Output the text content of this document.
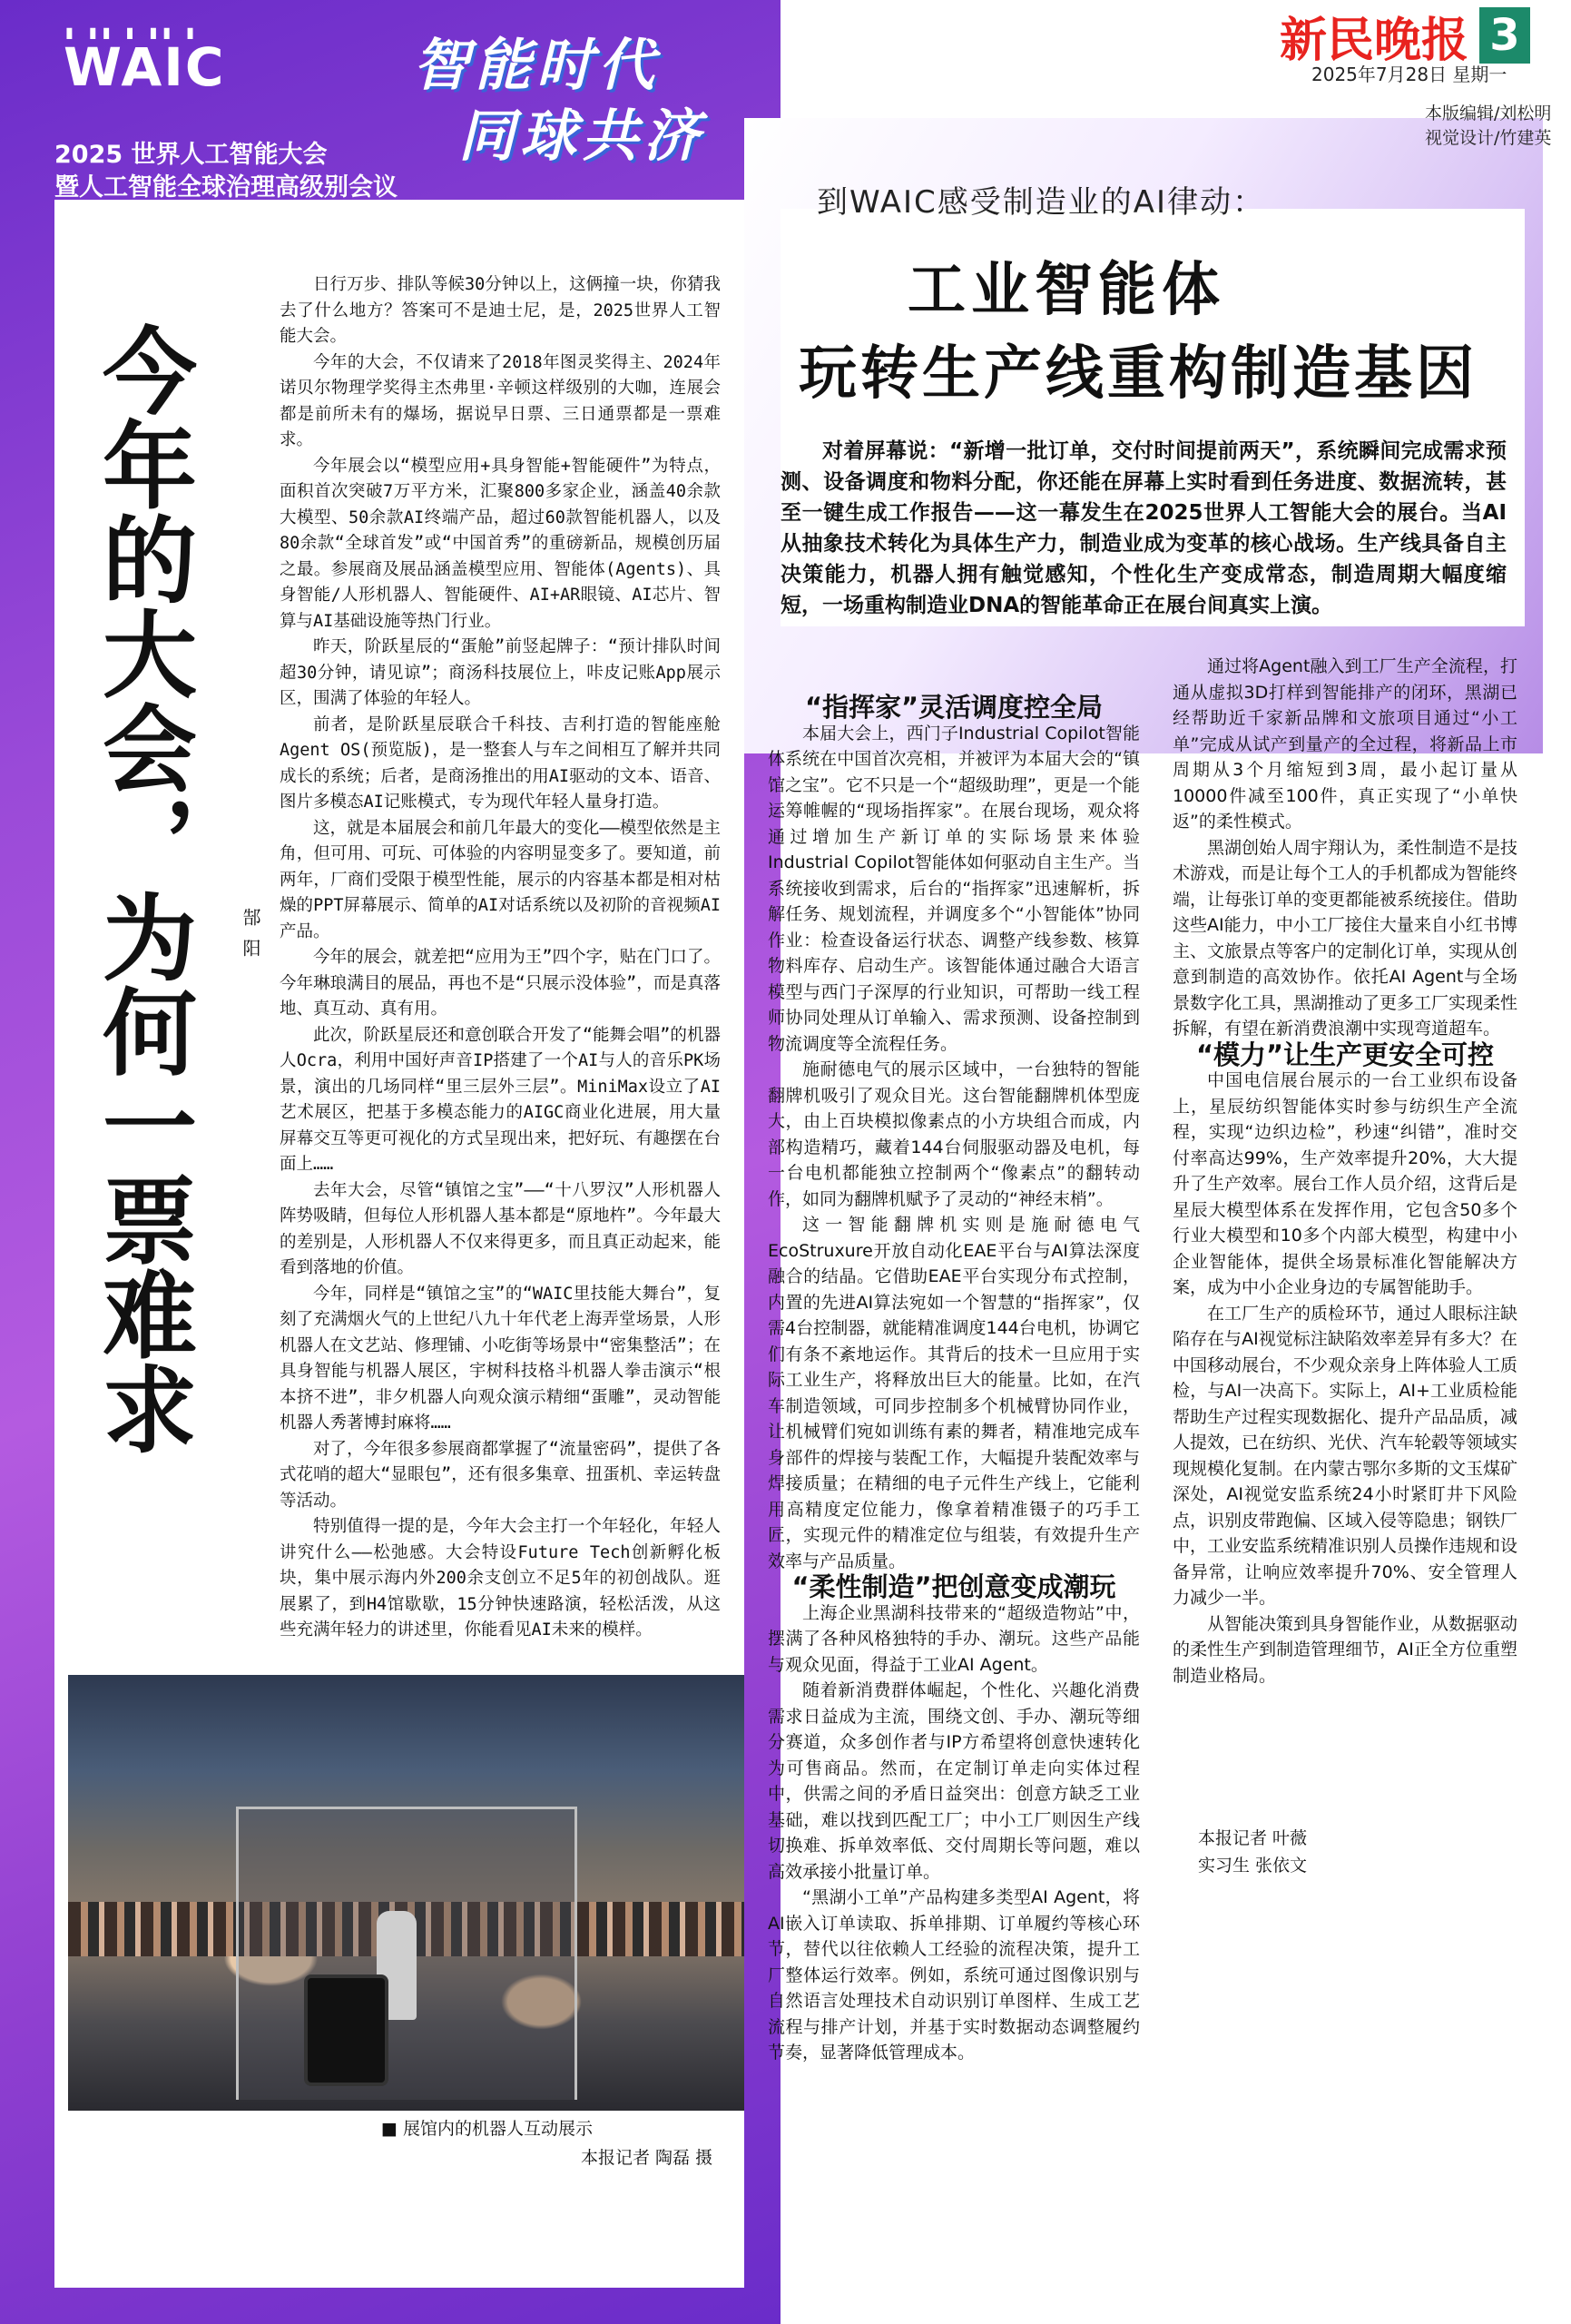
▮ ▮▮ ▮ ▮▮ ▮
WAIC
2025 世界人工智能大会
暨人工智能全球治理高级别会议
智能时代
同球共济
新民晚报 3
2025年7月28日 星期一
本版编辑/刘松明
视觉设计/竹建英
到WAIC感受制造业的AI律动：
工业智能体
玩转生产线重构制造基因
对着屏幕说：“新增一批订单，交付时间提前两天”，系统瞬间完成需求预测、设备调度和物料分配，你还能在屏幕上实时看到任务进度、数据流转，甚至一键生成工作报告——这一幕发生在2025世界人工智能大会的展台。当AI从抽象技术转化为具体生产力，制造业成为变革的核心战场。生产线具备自主决策能力，机器人拥有触觉感知，个性化生产变成常态，制造周期大幅度缩短，一场重构制造业DNA的智能革命正在展台间真实上演。
今年的大会，为何一票难求 郜阳

日行万步、排队等候30分钟以上，这俩撞一块，你猜我去了什么地方？答案可不是迪士尼，是，2025世界人工智能大会。

今年的大会，不仅请来了2018年图灵奖得主、2024年诺贝尔物理学奖得主杰弗里·辛顿这样级别的大咖，连展会都是前所未有的爆场，据说早日票、三日通票都是一票难求。

今年展会以“模型应用+具身智能+智能硬件”为特点，面积首次突破7万平方米，汇聚800多家企业，涵盖40余款大模型、50余款AI终端产品，超过60款智能机器人，以及80余款“全球首发”或“中国首秀”的重磅新品，规模创历届之最。参展商及展品涵盖模型应用、智能体(Agents)、具身智能/人形机器人、智能硬件、AI+AR眼镜、AI芯片、智算与AI基础设施等热门行业。

昨天，阶跃星辰的“蛋舱”前竖起牌子：“预计排队时间超30分钟，请见谅”；商汤科技展位上，咔皮记账App展示区，围满了体验的年轻人。

前者，是阶跃星辰联合千科技、吉利打造的智能座舱Agent OS(预览版)，是一整套人与车之间相互了解并共同成长的系统；后者，是商汤推出的用AI驱动的文本、语音、图片多模态AI记账模式，专为现代年轻人量身打造。

这，就是本届展会和前几年最大的变化——模型依然是主角，但可用、可玩、可体验的内容明显变多了。要知道，前两年，厂商们受限于模型性能，展示的内容基本都是相对枯燥的PPT屏幕展示、简单的AI对话系统以及初阶的音视频AI产品。

今年的展会，就差把“应用为王”四个字，贴在门口了。今年琳琅满目的展品，再也不是“只展示没体验”，而是真落地、真互动、真有用。

此次，阶跃星辰还和意创联合开发了“能舞会唱”的机器人Ocra，利用中国好声音IP搭建了一个AI与人的音乐PK场景，演出的几场同样“里三层外三层”。MiniMax设立了AI艺术展区，把基于多模态能力的AIGC商业化进展，用大量屏幕交互等更可视化的方式呈现出来，把好玩、有趣摆在台面上……

去年大会，尽管“镇馆之宝”——“十八罗汉”人形机器人阵势吸睛，但每位人形机器人基本都是“原地杵”。今年最大的差别是，人形机器人不仅来得更多，而且真正动起来，能看到落地的价值。

今年，同样是“镇馆之宝”的“WAIC里技能大舞台”，复刻了充满烟火气的上世纪八九十年代老上海弄堂场景，人形机器人在文艺站、修理铺、小吃街等场景中“密集整活”；在具身智能与机器人展区，宇树科技格斗机器人拳击演示“根本挤不进”，非夕机器人向观众演示精细“蛋雕”，灵动智能机器人秀著博封麻将……

对了，今年很多参展商都掌握了“流量密码”，提供了各式花哨的超大“显眼包”，还有很多集章、扭蛋机、幸运转盘等活动。

特别值得一提的是，今年大会主打一个年轻化，年轻人讲究什么——松弛感。大会特设Future Tech创新孵化板块，集中展示海内外200余支创立不足5年的初创战队。逛展累了，到H4馆歇歇，15分钟快速路演，轻松活泼，从这些充满年轻力的讲述里，你能看见AI未来的模样。

■ 展馆内的机器人互动展示
本报记者 陶磊 摄

“指挥家”灵活调度控全局

本届大会上，西门子Industrial Copilot智能体系统在中国首次亮相，并被评为本届大会的“镇馆之宝”。它不只是一个“超级助理”，更是一个能运筹帷幄的“现场指挥家”。在展台现场，观众将通过增加生产新订单的实际场景来体验Industrial Copilot智能体如何驱动自主生产。当系统接收到需求，后台的“指挥家”迅速解析，拆解任务、规划流程，并调度多个“小智能体”协同作业：检查设备运行状态、调整产线参数、核算物料库存、启动生产。该智能体通过融合大语言模型与西门子深厚的行业知识，可帮助一线工程师协同处理从订单输入、需求预测、设备控制到物流调度等全流程任务。

施耐德电气的展示区域中，一台独特的智能翻牌机吸引了观众目光。这台智能翻牌机体型庞大，由上百块模拟像素点的小方块组合而成，内部构造精巧，藏着144台伺服驱动器及电机，每一台电机都能独立控制两个“像素点”的翻转动作，如同为翻牌机赋予了灵动的“神经末梢”。

这一智能翻牌机实则是施耐德电气EcoStruxure开放自动化EAE平台与AI算法深度融合的结晶。它借助EAE平台实现分布式控制，内置的先进AI算法宛如一个智慧的“指挥家”，仅需4台控制器，就能精准调度144台电机，协调它们有条不紊地运作。其背后的技术一旦应用于实际工业生产，将释放出巨大的能量。比如，在汽车制造领域，可同步控制多个机械臂协同作业，让机械臂们宛如训练有素的舞者，精准地完成车身部件的焊接与装配工作，大幅提升装配效率与焊接质量；在精细的电子元件生产线上，它能利用高精度定位能力，像拿着精准镊子的巧手工匠，实现元件的精准定位与组装，有效提升生产效率与产品质量。

“柔性制造”把创意变成潮玩

上海企业黑湖科技带来的“超级造物站”中，摆满了各种风格独特的手办、潮玩。这些产品能与观众见面，得益于工业AI Agent。

随着新消费群体崛起，个性化、兴趣化消费需求日益成为主流，围绕文创、手办、潮玩等细分赛道，众多创作者与IP方希望将创意快速转化为可售商品。然而，在定制订单走向实体过程中，供需之间的矛盾日益突出：创意方缺乏工业基础，难以找到匹配工厂；中小工厂则因生产线切换难、拆单效率低、交付周期长等问题，难以高效承接小批量订单。

“黑湖小工单”产品构建多类型AI Agent，将AI嵌入订单读取、拆单排期、订单履约等核心环节，替代以往依赖人工经验的流程决策，提升工厂整体运行效率。例如，系统可通过图像识别与自然语言处理技术自动识别订单图样、生成工艺流程与排产计划，并基于实时数据动态调整履约节奏，显著降低管理成本。

通过将Agent融入到工厂生产全流程，打通从虚拟3D打样到智能排产的闭环，黑湖已经帮助近千家新品牌和文旅项目通过“小工单”完成从试产到量产的全过程，将新品上市周期从3个月缩短到3周，最小起订量从10000件减至100件，真正实现了“小单快返”的柔性模式。

黑湖创始人周宇翔认为，柔性制造不是技术游戏，而是让每个工人的手机都成为智能终端，让每张订单的变更都能被系统接住。借助这些AI能力，中小工厂接住大量来自小红书博主、文旅景点等客户的定制化订单，实现从创意到制造的高效协作。依托AI Agent与全场景数字化工具，黑湖推动了更多工厂实现柔性拆解，有望在新消费浪潮中实现弯道超车。

“模力”让生产更安全可控

中国电信展台展示的一台工业织布设备上，星辰纺织智能体实时参与纺织生产全流程，实现“边织边检”，秒速“纠错”，准时交付率高达99%，生产效率提升20%，大大提升了生产效率。展台工作人员介绍，这背后是星辰大模型体系在发挥作用，它包含50多个行业大模型和10多个内部大模型，构建中小企业智能体，提供全场景标准化智能解决方案，成为中小企业身边的专属智能助手。

在工厂生产的质检环节，通过人眼标注缺陷存在与AI视觉标注缺陷效率差异有多大？在中国移动展台，不少观众亲身上阵体验人工质检，与AI一决高下。实际上，AI+工业质检能帮助生产过程实现数据化、提升产品品质，减人提效，已在纺织、光伏、汽车轮毂等领域实现规模化复制。在内蒙古鄂尔多斯的文玉煤矿深处，AI视觉安监系统24小时紧盯井下风险点，识别皮带跑偏、区域入侵等隐患；钢铁厂中，工业安监系统精准识别人员操作违规和设备异常，让响应效率提升70%、安全管理人力减少一半。

从智能决策到具身智能作业，从数据驱动的柔性生产到制造管理细节，AI正全方位重塑制造业格局。

本报记者 叶薇
实习生 张依文
